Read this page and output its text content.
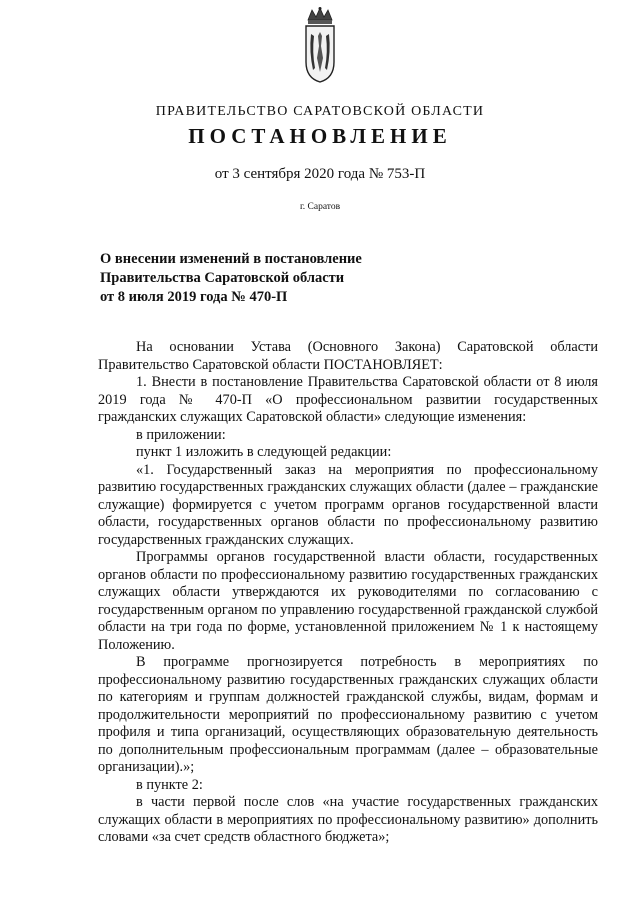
ПРАВИТЕЛЬСТВО САРАТОВСКОЙ ОБЛАСТИ
ПОСТАНОВЛЕНИЕ
от 3 сентября 2020 года № 753-П
г. Саратов
О внесении изменений в постановление
Правительства Саратовской области
от 8 июля 2019 года № 470-П

На основании Устава (Основного Закона) Саратовской области Правительство Саратовской области ПОСТАНОВЛЯЕТ:

1. Внести в постановление Правительства Саратовской области от 8 июля 2019 года № 470-П «О профессиональном развитии государственных гражданских служащих Саратовской области» следующие изменения:

в приложении:

пункт 1 изложить в следующей редакции:

«1. Государственный заказ на мероприятия по профессиональному развитию государственных гражданских служащих области (далее – гражданские служащие) формируется с учетом программ органов государственной власти области, государственных органов области по профессиональному развитию государственных гражданских служащих.

Программы органов государственной власти области, государственных органов области по профессиональному развитию государственных гражданских служащих области утверждаются их руководителями по согласованию с государственным органом по управлению государственной гражданской службой области на три года по форме, установленной приложением № 1 к настоящему Положению.

В программе прогнозируется потребность в мероприятиях по профессиональному развитию государственных гражданских служащих области по категориям и группам должностей гражданской службы, видам, формам и продолжительности мероприятий по профессиональному развитию с учетом профиля и типа организаций, осуществляющих образовательную деятельность по дополнительным профессиональным программам (далее – образовательные организации).»;

в пункте 2:

в части первой после слов «на участие государственных гражданских служащих области в мероприятиях по профессиональному развитию» дополнить словами «за счет средств областного бюджета»;
